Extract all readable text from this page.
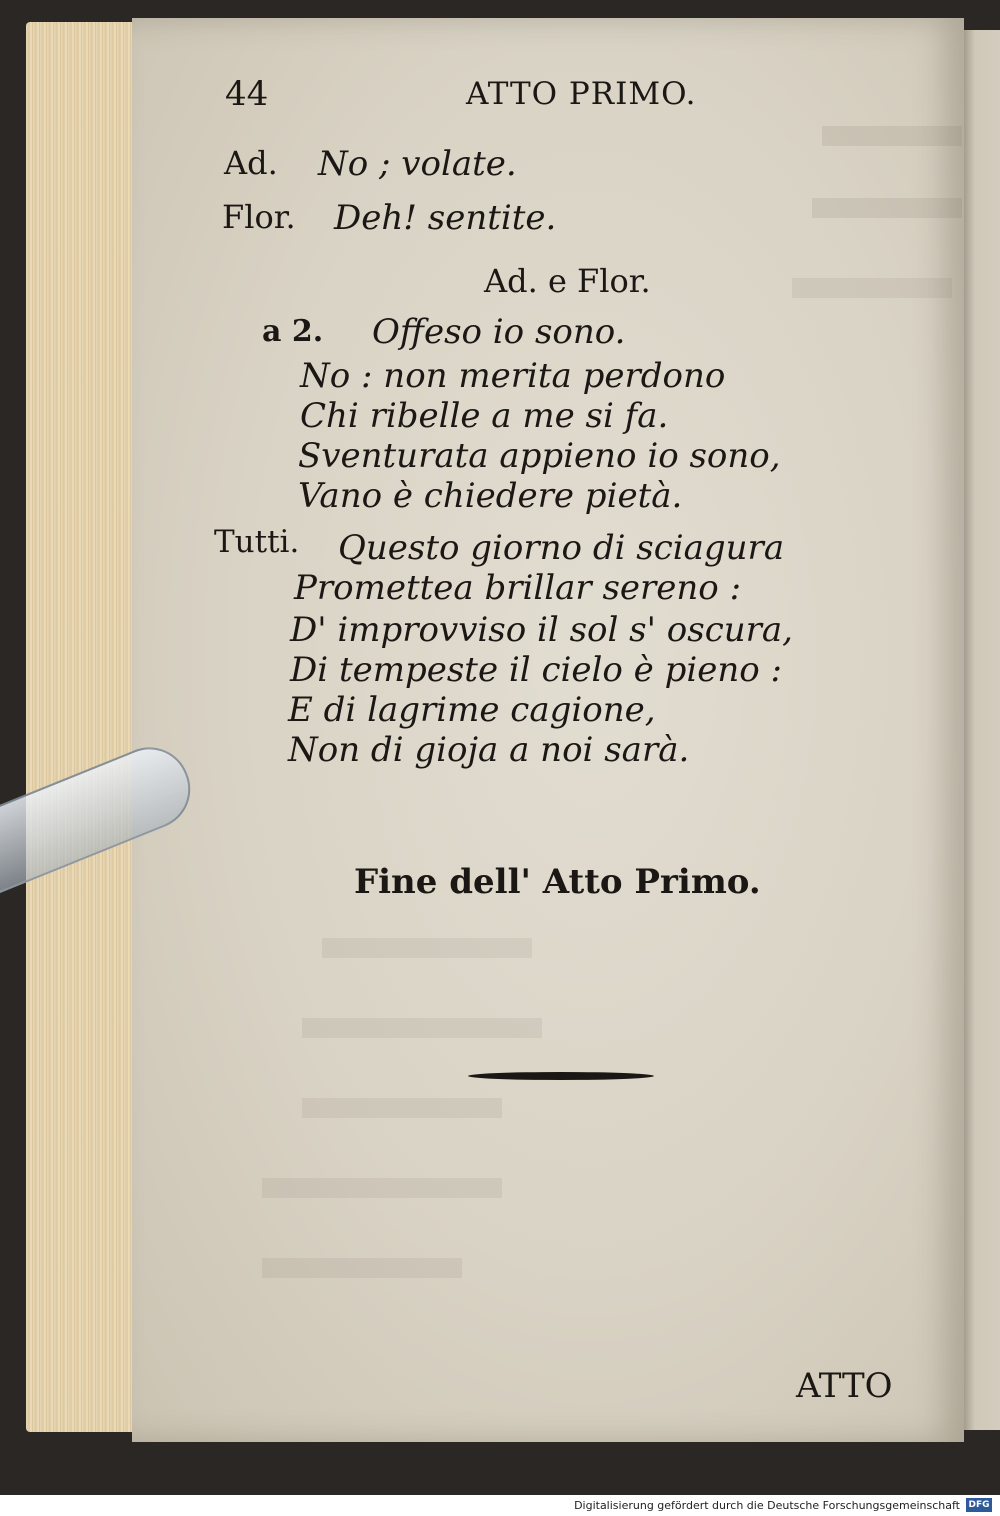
44	ATTO PRIMO.
Ad. No ; volate.
Flor. Deh! sentite.
Ad. e Flor.
a 2. Offeso io sono.
No : non merita perdono
Chi ribelle a me si fa.
Sventurata appieno io sono,
Vano è chiedere pietà.
Tutti. Questo giorno di sciagura
Promettea brillar sereno :
D' improvviso il sol s' oscura,
Di tempeste il cielo è pieno :
E di lagrime cagione,
Non di gioja a noi sarà.
Fine dell' Atto Primo.
ATTO
Digitalisierung gefördert durch die Deutsche Forschungsgemeinschaft DFG
